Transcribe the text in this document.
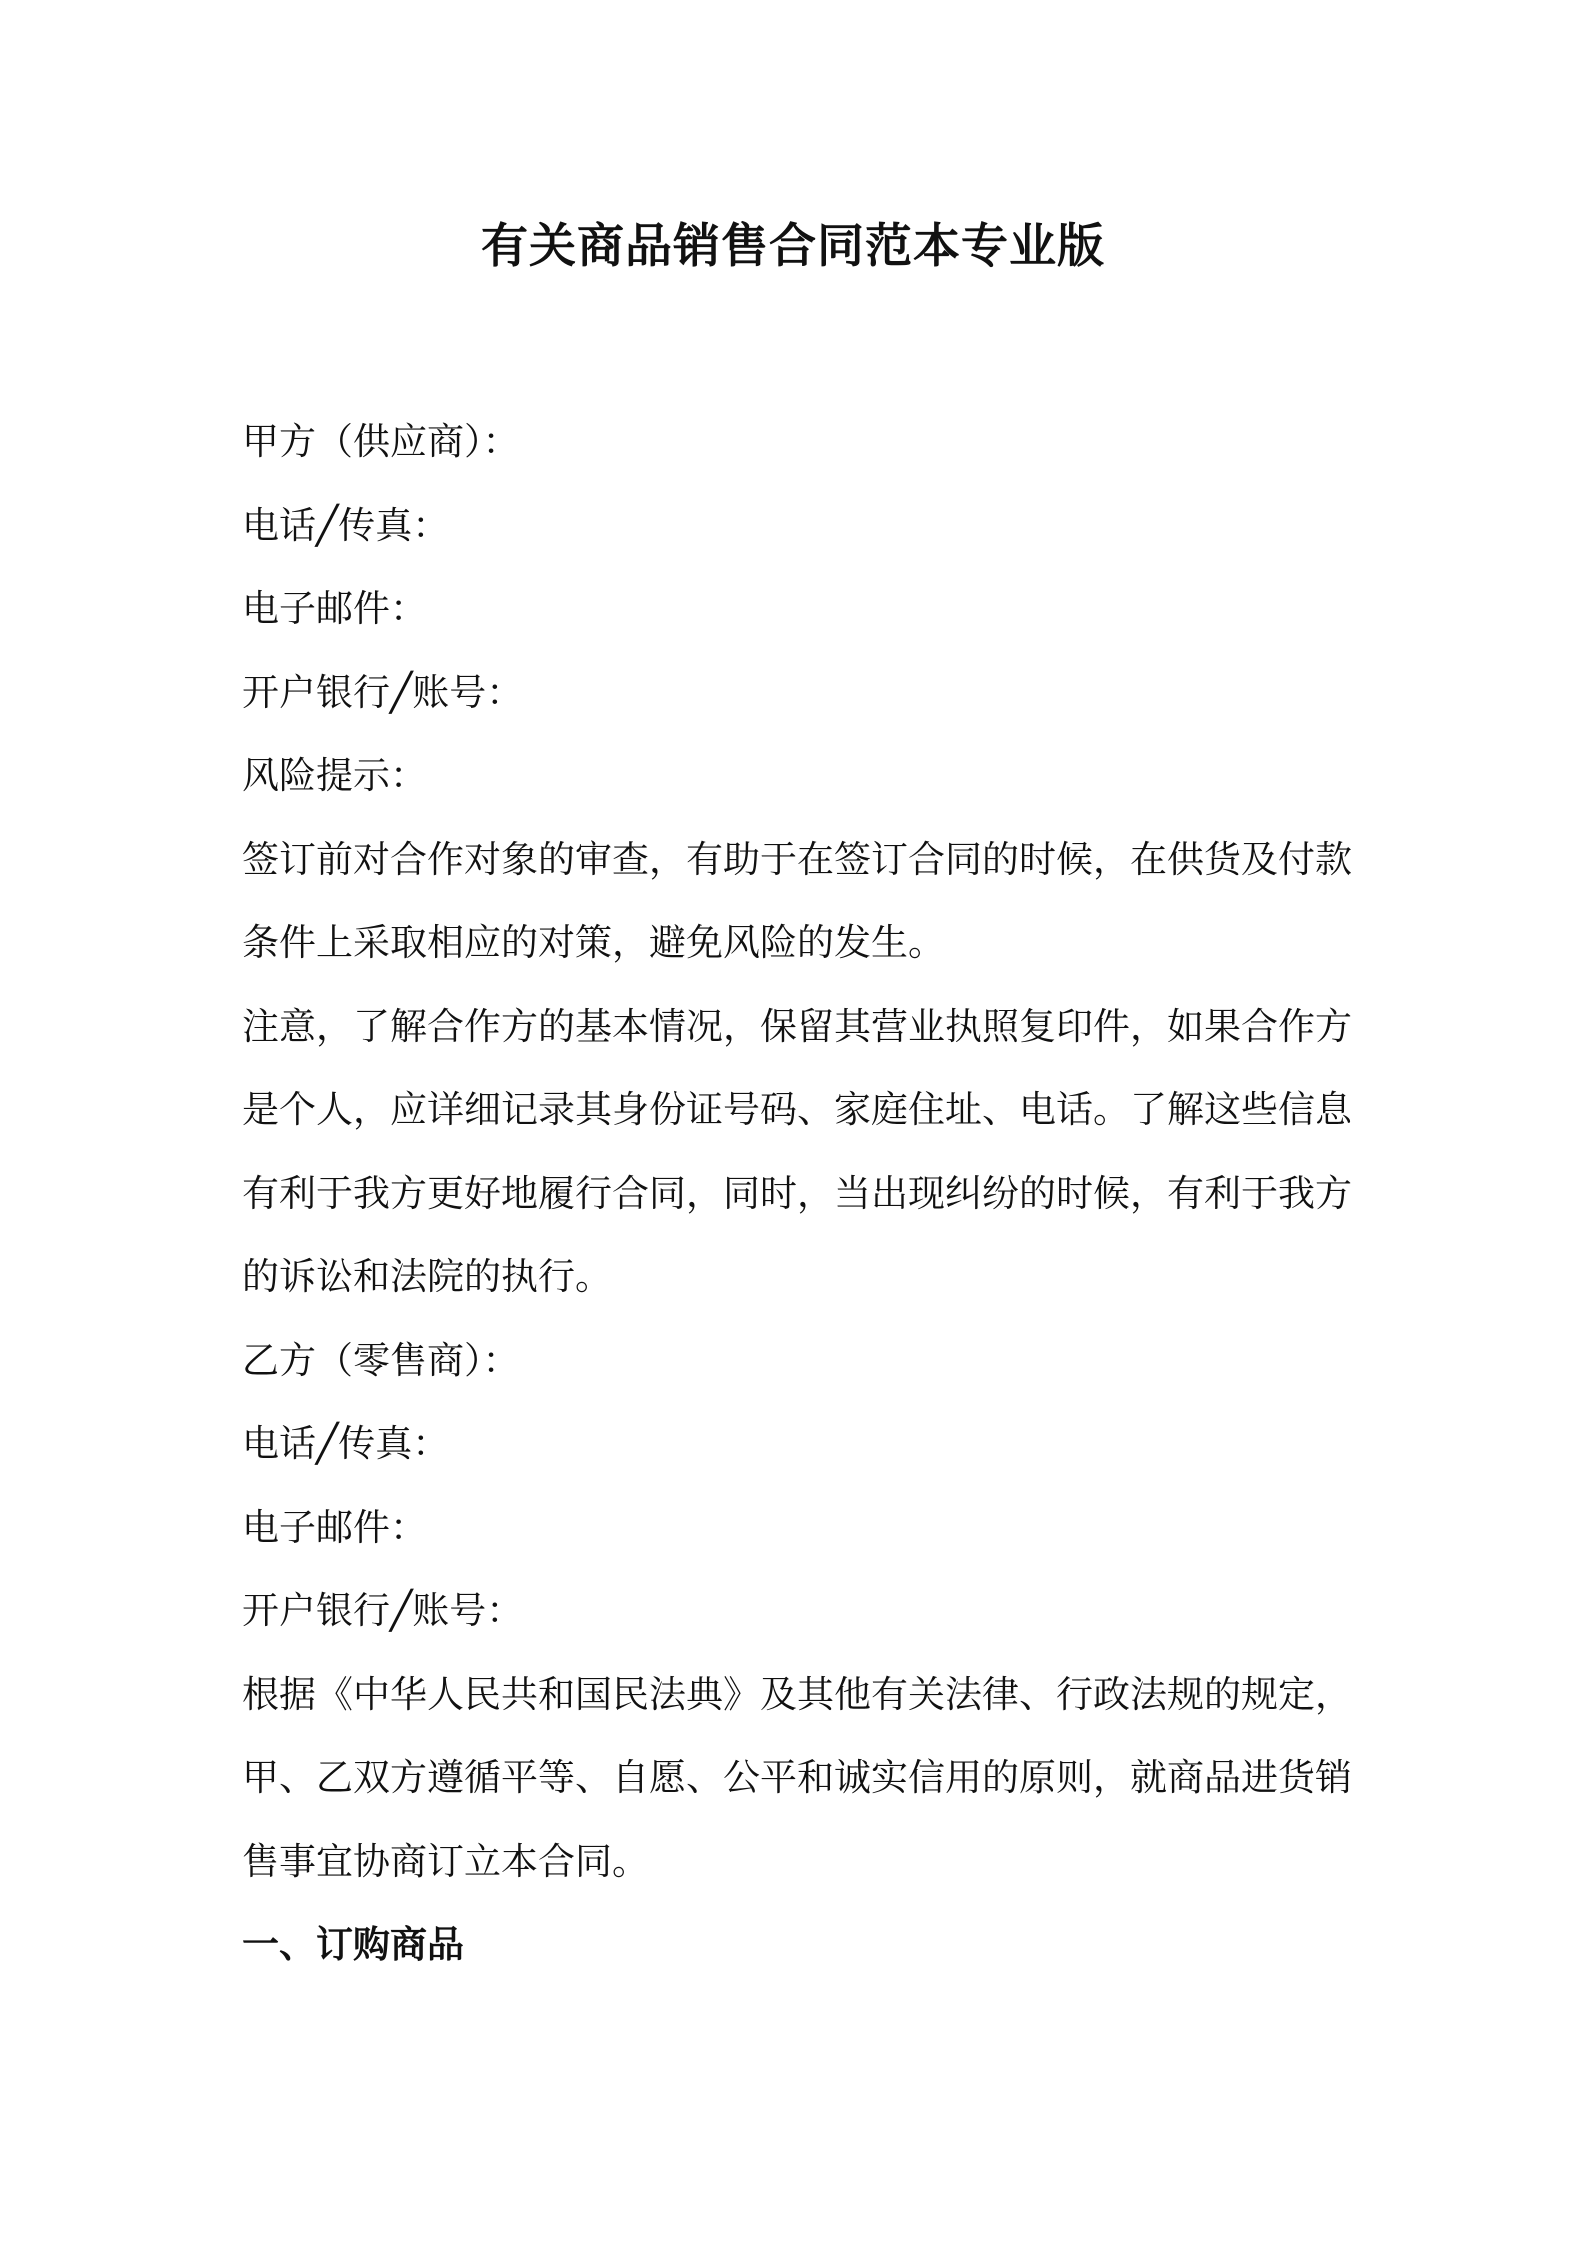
有关商品销售合同范本专业版
甲方（供应商）：
电话╱传真：
电子邮件：
开户银行╱账号：
风险提示：
签订前对合作对象的审查，有助于在签订合同的时候，在供货及付款
条件上采取相应的对策，避免风险的发生。
注意，了解合作方的基本情况，保留其营业执照复印件，如果合作方
是个人，应详细记录其身份证号码、家庭住址、电话。了解这些信息
有利于我方更好地履行合同，同时，当出现纠纷的时候，有利于我方
的诉讼和法院的执行。
乙方（零售商）：
电话╱传真：
电子邮件：
开户银行╱账号：
根据《中华人民共和国民法典》及其他有关法律、行政法规的规定，
甲、乙双方遵循平等、自愿、公平和诚实信用的原则，就商品进货销
售事宜协商订立本合同。
一、订购商品
